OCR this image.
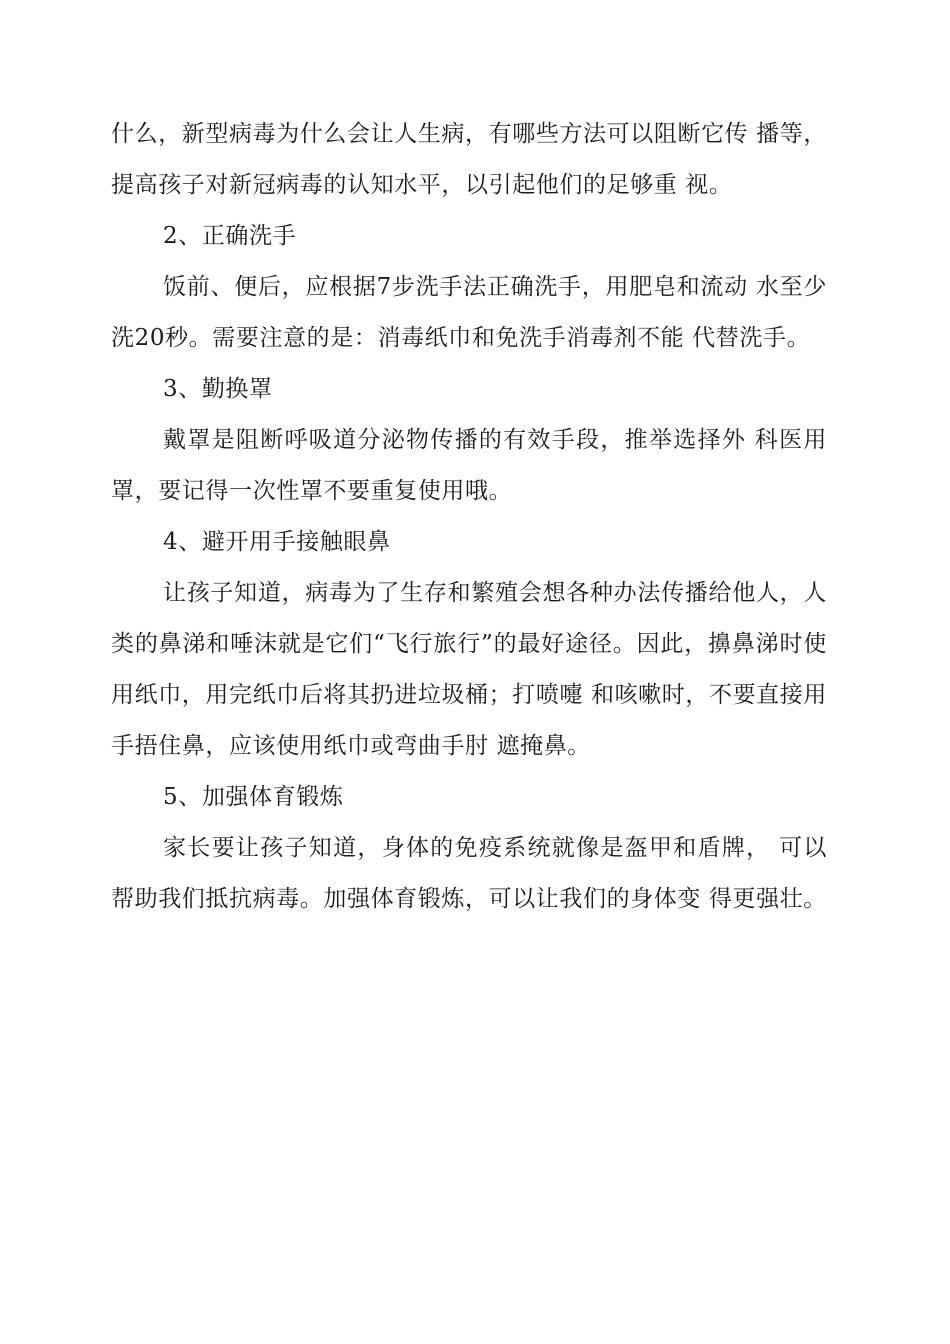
什么，新型病毒为什么会让人生病，有哪些方法可以阻断它传 播等，提高孩子对新冠病毒的认知水平，以引起他们的足够重 视。

2、正确洗手

饭前、便后，应根据7步洗手法正确洗手，用肥皂和流动 水至少洗20秒。需要注意的是：消毒纸巾和免洗手消毒剂不能 代替洗手。

3、勤换罩

戴罩是阻断呼吸道分泌物传播的有效手段，推举选择外 科医用罩，要记得一次性罩不要重复使用哦。

4、避开用手接触眼鼻

让孩子知道，病毒为了生存和繁殖会想各种办法传播给他人，人类的鼻涕和唾沫就是它们“飞行旅行”的最好途径。因此，擤鼻涕时使用纸巾，用完纸巾后将其扔进垃圾桶；打喷嚏 和咳嗽时，不要直接用手捂住鼻，应该使用纸巾或弯曲手肘 遮掩鼻。

5、加强体育锻炼

家长要让孩子知道，身体的免疫系统就像是盔甲和盾牌， 可以帮助我们抵抗病毒。加强体育锻炼，可以让我们的身体变 得更强壮。
